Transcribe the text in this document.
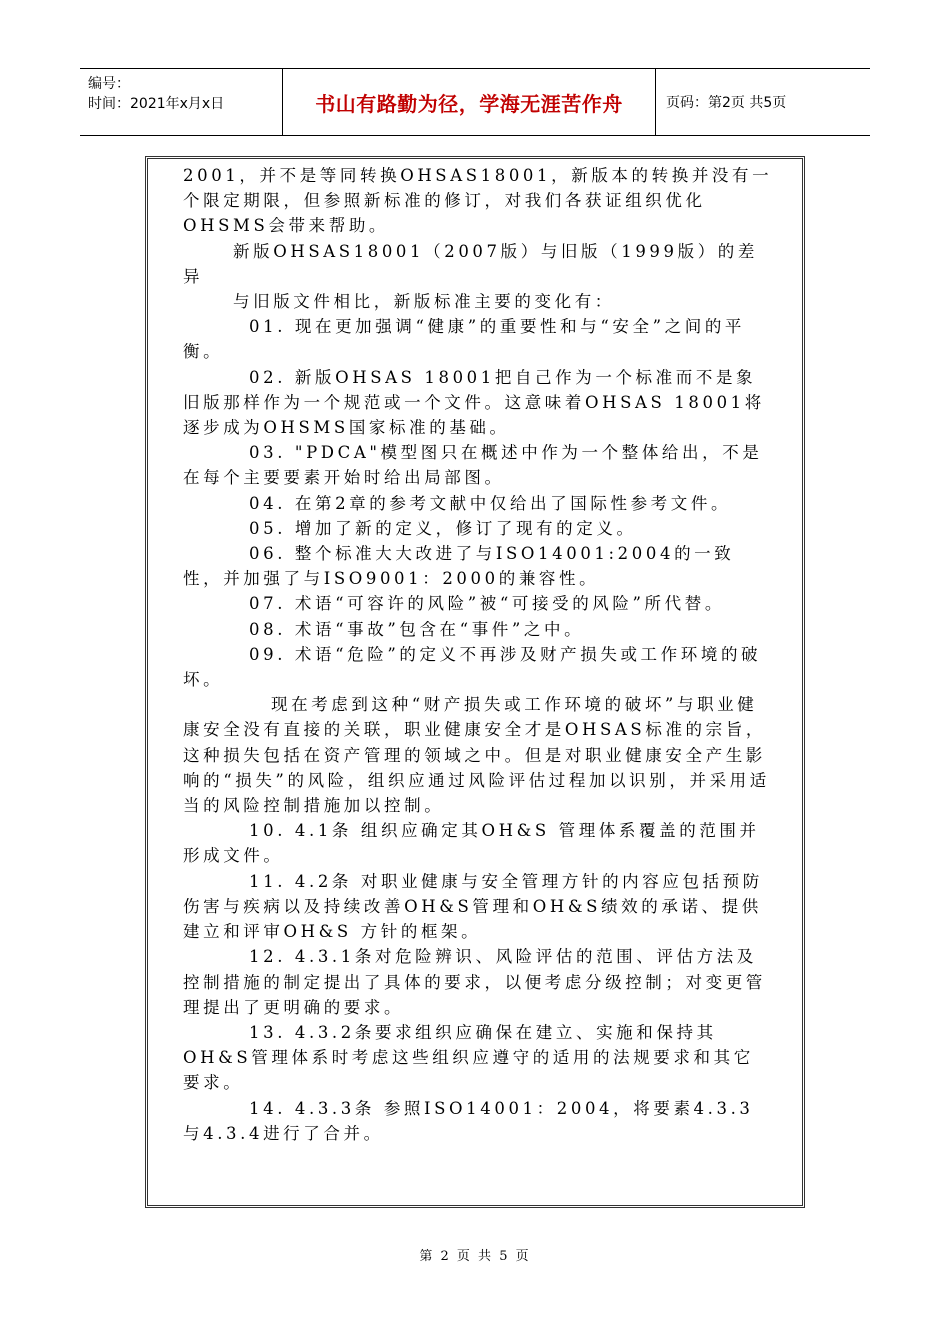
编号：
时间：2021年x月x日	书山有路勤为径，学海无涯苦作舟	页码：第2页 共5页

2001，并不是等同转换OHSAS18001，新版本的转换并没有一个限定期限，但参照新标准的修订，对我们各获证组织优化OHSMS会带来帮助。

新版OHSAS18001（2007版）与旧版（1999版）的差异

与旧版文件相比，新版标准主要的变化有：

01. 现在更加强调“健康”的重要性和与“安全”之间的平衡。

02. 新版OHSAS 18001把自己作为一个标准而不是象旧版那样作为一个规范或一个文件。这意味着OHSAS 18001将逐步成为OHSMS国家标准的基础。

03. "PDCA"模型图只在概述中作为一个整体给出，不是在每个主要要素开始时给出局部图。

04. 在第2章的参考文献中仅给出了国际性参考文件。

05. 增加了新的定义，修订了现有的定义。

06. 整个标准大大改进了与ISO14001:2004的一致性，并加强了与ISO9001：2000的兼容性。

07. 术语“可容许的风险”被“可接受的风险”所代替。

08. 术语“事故”包含在“事件”之中。

09. 术语“危险”的定义不再涉及财产损失或工作环境的破坏。

现在考虑到这种“财产损失或工作环境的破坏”与职业健康安全没有直接的关联，职业健康安全才是OHSAS标准的宗旨，这种损失包括在资产管理的领域之中。但是对职业健康安全产生影响的“损失”的风险，组织应通过风险评估过程加以识别，并采用适当的风险控制措施加以控制。

10. 4.1条 组织应确定其OH&S 管理体系覆盖的范围并形成文件。

11. 4.2条 对职业健康与安全管理方针的内容应包括预防伤害与疾病以及持续改善OH&S管理和OH&S绩效的承诺、提供建立和评审OH&S 方针的框架。

12. 4.3.1条对危险辨识、风险评估的范围、评估方法及控制措施的制定提出了具体的要求，以便考虑分级控制；对变更管理提出了更明确的要求。

13. 4.3.2条要求组织应确保在建立、实施和保持其OH&S管理体系时考虑这些组织应遵守的适用的法规要求和其它要求。

14. 4.3.3条 参照ISO14001：2004，将要素4.3.3 与4.3.4进行了合并。

第 2 页 共 5 页
